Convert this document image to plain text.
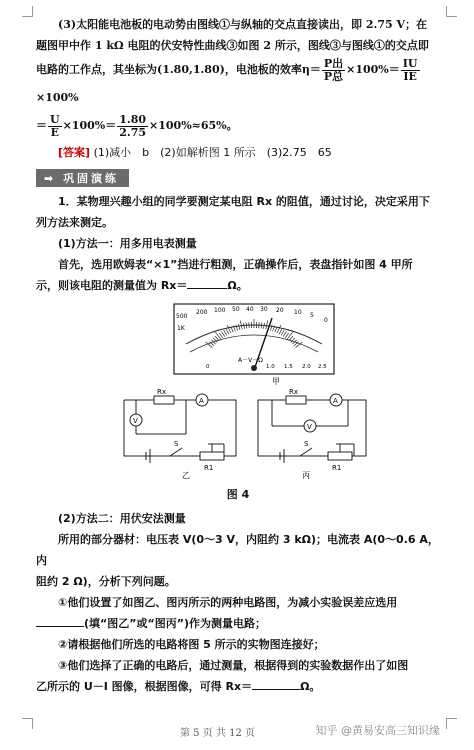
(3)太阳能电池板的电动势由图线①与纵轴的交点直接读出，即 2.75 V；在

题图甲中作 1 kΩ 电阻的伏安特性曲线③如图 2 所示，图线③与图线①的交点即

电路的工作点，其坐标为(1.80,1.80)，电池板的效率$\eta= \frac{\text{P出}}{\text{P总}} \times 100\%= \frac{IU}{IE}$
×100%

＝ $\frac{U}{E} \times 100\%= \frac{1.80}{2.75} \times 100\%\approx 65\%$。

[答案] (1)减小　b　(2)如解析图 1 所示　(3)2.75　65

➡ 巩固演练

1．某物理兴趣小组的同学要测定某电阻 Rx 的阻值，通过讨论，决定采用下

列方法来测定。

(1)方法一：用多用电表测量

首先，选用欧姆表“×1”挡进行粗测，正确操作后，表盘指针如图 4 甲所

示，则该电阻的测量值为 Rx＝	Ω。

500
200 100 50 40 30 20 10 5
0
1K
A－V－Ω
0	1.0 1.5 2.0 2.5
甲
Rx
A
V
S
R1
乙
Rx
A
V
S
R1
丙

图 4

(2)方法二：用伏安法测量

所用的部分器材：电压表 V(0～3 V，内阻约 3 kΩ)；电流表 A(0～0.6 A，内

阻约 2 Ω)，分析下列问题。

①他们设置了如图乙、图丙所示的两种电路图，为减小实验误差应选用

(填“图乙”或“图丙”)作为测量电路；

②请根据他们所选的电路将图 5 所示的实物图连接好；

③他们选择了正确的电路后，通过测量，根据得到的实验数据作出了如图

乙所示的 U－I 图像，根据图像，可得 Rx＝	Ω。

第 5 页 共 12 页	知乎 @黄易安高三知识缘
